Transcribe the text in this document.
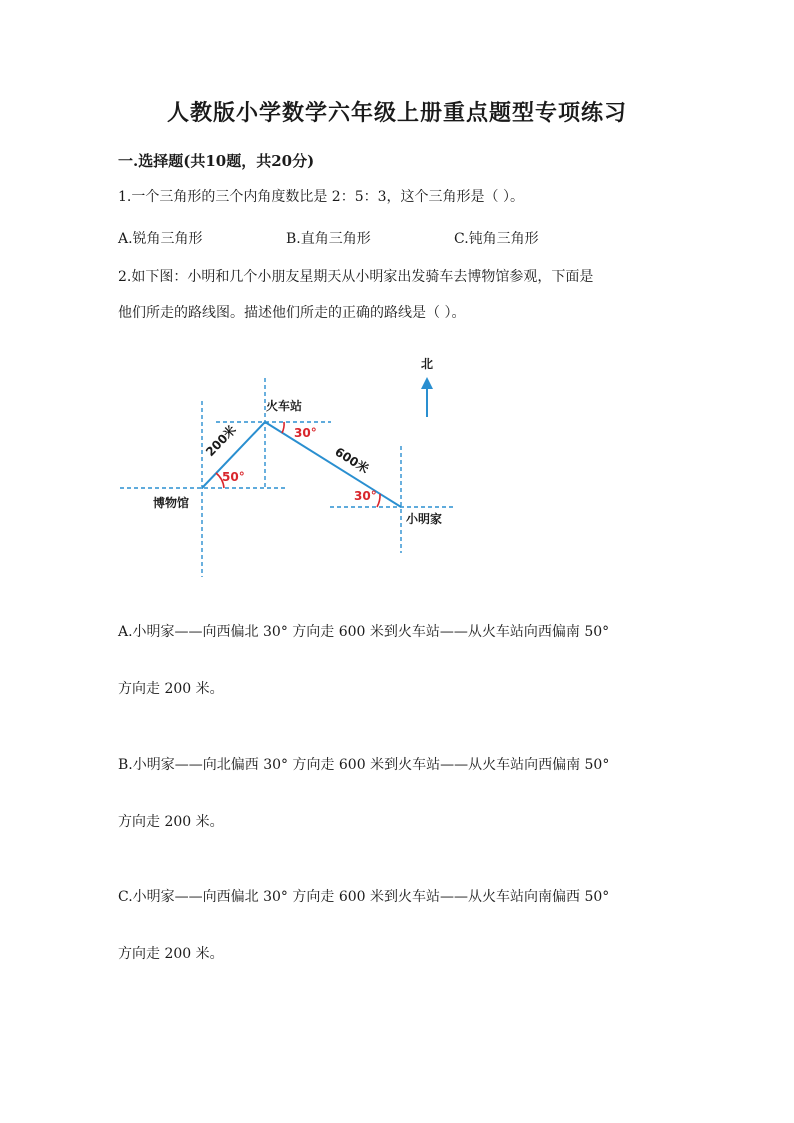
人教版小学数学六年级上册重点题型专项练习
一.选择题(共10题，共20分)
1.一个三角形的三个内角度数比是 2：5：3，这个三角形是（ ）。
A.锐角三角形	B.直角三角形	C.钝角三角形
2.如下图：小明和几个小朋友星期天从小明家出发骑车去博物馆参观，下面是
他们所走的路线图。描述他们所走的正确的路线是（ ）。
北
火车站
博物馆
小明家
200米
600米
30°
50°
30°
A.小明家——向西偏北 30° 方向走 600 米到火车站——从火车站向西偏南 50°
方向走 200 米。
B.小明家——向北偏西 30° 方向走 600 米到火车站——从火车站向西偏南 50°
方向走 200 米。
C.小明家——向西偏北 30° 方向走 600 米到火车站——从火车站向南偏西 50°
方向走 200 米。
